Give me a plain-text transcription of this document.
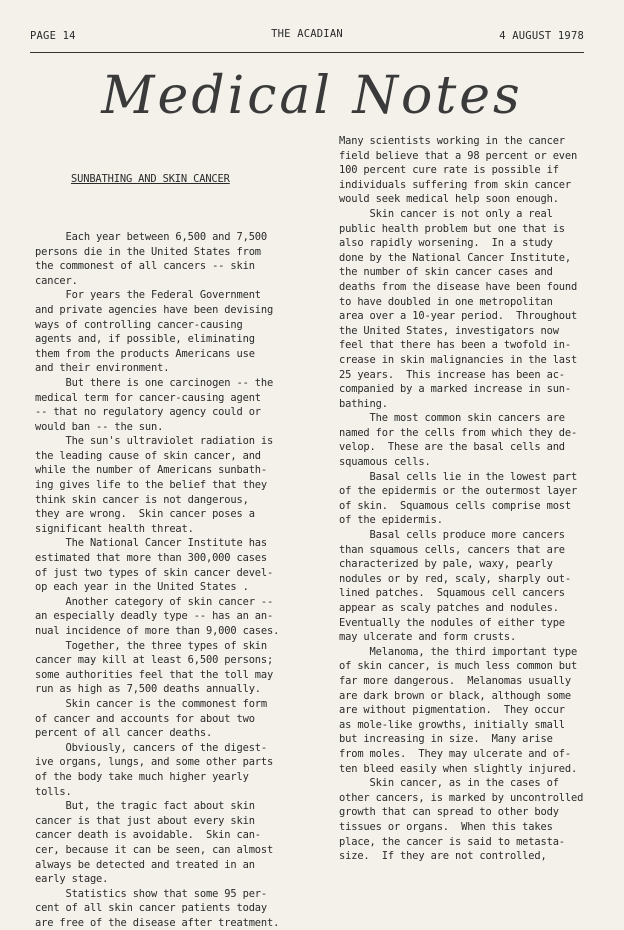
PAGE 14	THE ACADIAN	4 AUGUST 1978
Medical Notes

SUNBATHING AND SKIN CANCER

Each year between 6,500 and 7,500
persons die in the United States from
the commonest of all cancers -- skin
cancer.
For years the Federal Government
and private agencies have been devising
ways of controlling cancer-causing
agents and, if possible, eliminating
them from the products Americans use
and their environment.
But there is one carcinogen -- the
medical term for cancer-causing agent
-- that no regulatory agency could or
would ban -- the sun.
The sun's ultraviolet radiation is
the leading cause of skin cancer, and
while the number of Americans sunbath-
ing gives life to the belief that they
think skin cancer is not dangerous,
they are wrong.  Skin cancer poses a
significant health threat.
The National Cancer Institute has
estimated that more than 300,000 cases
of just two types of skin cancer devel-
op each year in the United States .
Another category of skin cancer --
an especially deadly type -- has an an-
nual incidence of more than 9,000 cases.
Together, the three types of skin
cancer may kill at least 6,500 persons;
some authorities feel that the toll may
run as high as 7,500 deaths annually.
Skin cancer is the commonest form
of cancer and accounts for about two
percent of all cancer deaths.
Obviously, cancers of the digest-
ive organs, lungs, and some other parts
of the body take much higher yearly
tolls.
But, the tragic fact about skin
cancer is that just about every skin
cancer death is avoidable.  Skin can-
cer, because it can be seen, can almost
always be detected and treated in an
early stage.
Statistics show that some 95 per-
cent of all skin cancer patients today
are free of the disease after treatment.
Many scientists working in the cancer
field believe that a 98 percent or even
100 percent cure rate is possible if
individuals suffering from skin cancer
would seek medical help soon enough.
Skin cancer is not only a real
public health problem but one that is
also rapidly worsening.  In a study
done by the National Cancer Institute,
the number of skin cancer cases and
deaths from the disease have been found
to have doubled in one metropolitan
area over a 10-year period.  Throughout
the United States, investigators now
feel that there has been a twofold in-
crease in skin malignancies in the last
25 years.  This increase has been ac-
companied by a marked increase in sun-
bathing.
The most common skin cancers are
named for the cells from which they de-
velop.  These are the basal cells and
squamous cells.
Basal cells lie in the lowest part
of the epidermis or the outermost layer
of skin.  Squamous cells comprise most
of the epidermis.
Basal cells produce more cancers
than squamous cells, cancers that are
characterized by pale, waxy, pearly
nodules or by red, scaly, sharply out-
lined patches.  Squamous cell cancers
appear as scaly patches and nodules.
Eventually the nodules of either type
may ulcerate and form crusts.
Melanoma, the third important type
of skin cancer, is much less common but
far more dangerous.  Melanomas usually
are dark brown or black, although some
are without pigmentation.  They occur
as mole-like growths, initially small
but increasing in size.  Many arise
from moles.  They may ulcerate and of-
ten bleed easily when slightly injured.
Skin cancer, as in the cases of
other cancers, is marked by uncontrolled
growth that can spread to other body
tissues or organs.  When this takes
place, the cancer is said to metasta-
size.  If they are not controlled,
